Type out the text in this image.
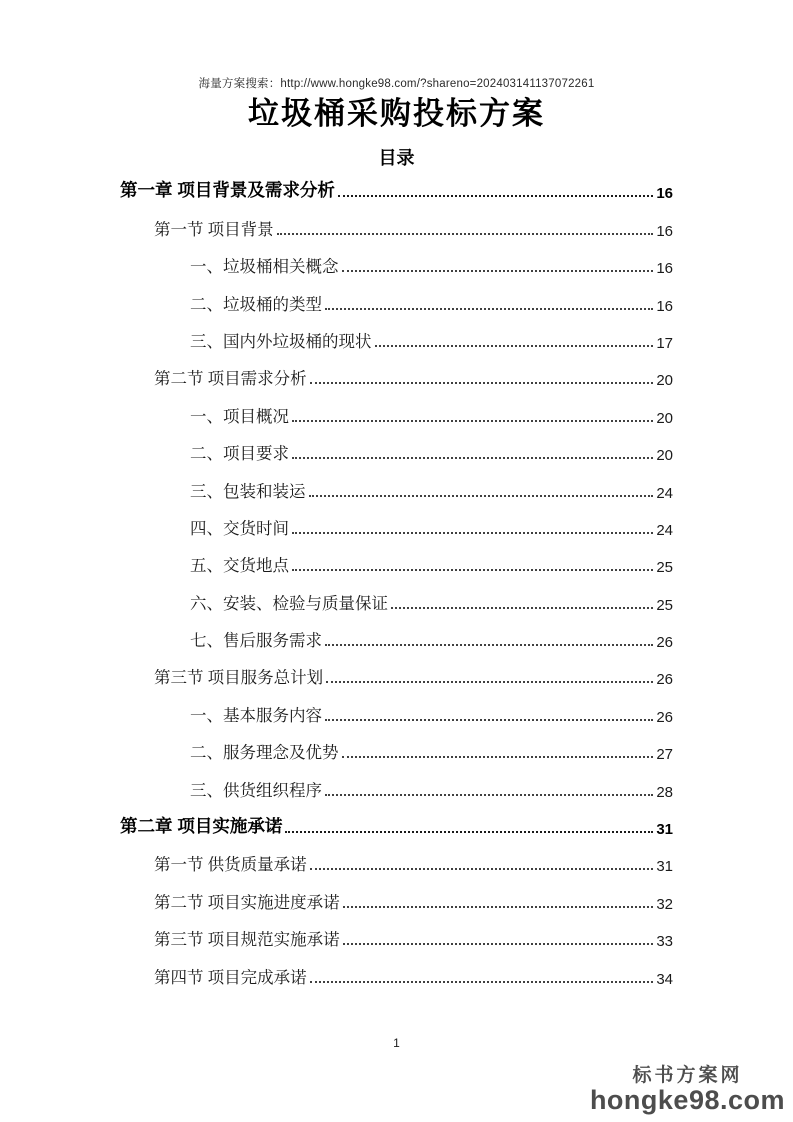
海量方案搜索：http://www.hongke98.com/?shareno=202403141137072261
垃圾桶采购投标方案
目录
第一章 项目背景及需求分析	16
第一节 项目背景	16
一、垃圾桶相关概念	16
二、垃圾桶的类型	16
三、国内外垃圾桶的现状	17
第二节 项目需求分析	20
一、项目概况	20
二、项目要求	20
三、包装和装运	24
四、交货时间	24
五、交货地点	25
六、安装、检验与质量保证	25
七、售后服务需求	26
第三节 项目服务总计划	26
一、基本服务内容	26
二、服务理念及优势	27
三、供货组织程序	28
第二章 项目实施承诺	31
第一节 供货质量承诺	31
第二节 项目实施进度承诺	32
第三节 项目规范实施承诺	33
第四节 项目完成承诺	34
1
标书方案网
hongke98.com
